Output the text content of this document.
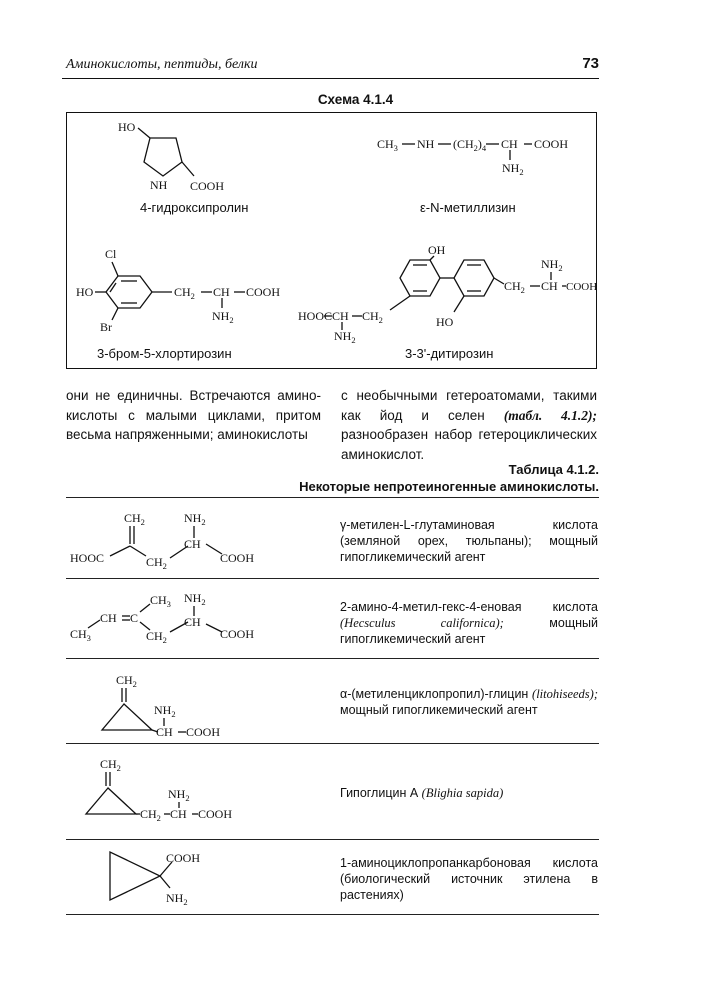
Аминокислоты, пептиды, белки	73
Схема 4.1.4
HO
NH COOH
4-гидроксипролин
$CH_3$ NH $(CH_2)_4$ CH COOH
$NH_2$
ε-N-метиллизин
Cl
HO
Br
$CH_2$ CH COOH
$NH_2$
3-бром-5-хлортирозин
OH
$CH_2$
CH
HOOC
$NH_2$
HO
$CH_2$ CH COOH
$NH_2$
3-3'-дитирозин

они не единичны. Встречаются амино-кислоты с малыми циклами, притом весьма напряженными; аминокислоты

с необычными гетероатомами, такими как йод и селен (табл. 4.1.2); разнообразен набор гетероциклических аминокислот.

Таблица 4.1.2.
Некоторые непротеиногенные аминокислоты.
$CH_2$
HOOC	$CH_2$
CH
$NH_2$
COOH
γ-метилен-L-глутаминовая кислота (земляной орех, тюльпаны); мощный гипогликемический агент
$CH_3$
CH C
$CH_3$
$CH_2$
CH
$NH_2$
COOH
2-амино-4-метил-гекс-4-еновая кислота (Hecsculus californica);	мощный гипогликемический агент
$CH_2$
$NH_2$
CH COOH
α-(метиленциклопропил)-глицин (litohiseeds); мощный гипогликемический агент
$CH_2$
$CH_2$ CH
$NH_2$
COOH
Гипоглицин А (Blighia sapida)
COOH
$NH_2$
1-аминоциклопропанкарбоновая кислота (биологический источник этилена в растениях)
